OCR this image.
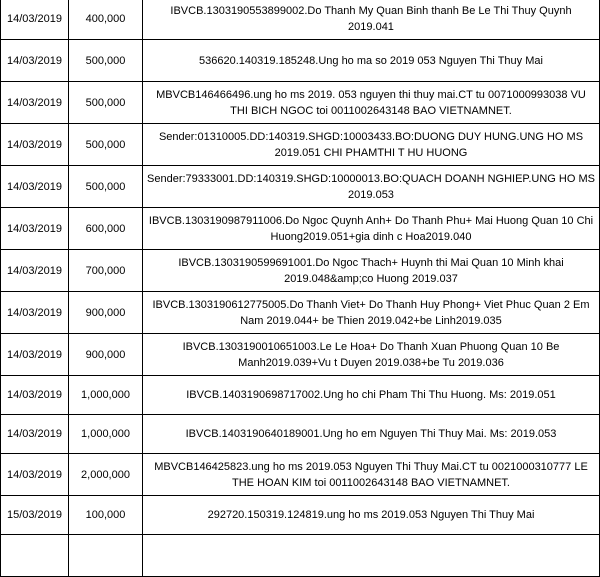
14/03/2019	400,000	IBVCB.1303190553899002.Do Thanh My Quan Binh thanh Be Le Thi Thuy Quynh 2019.041
14/03/2019	500,000	536620.140319.185248.Ung ho ma so 2019 053 Nguyen Thi Thuy Mai
14/03/2019	500,000	MBVCB146466496.ung ho ms 2019. 053 nguyen thi thuy mai.CT tu 0071000993038 VU THI BICH NGOC toi 0011002643148 BAO VIETNAMNET.
14/03/2019	500,000	Sender:01310005.DD:140319.SHGD:10003433.BO:DUONG DUY HUNG.UNG HO MS 2019.051 CHI PHAMTHI T HU HUONG
14/03/2019	500,000	Sender:79333001.DD:140319.SHGD:10000013.BO:QUACH DOANH NGHIEP.UNG HO MS 2019.053
14/03/2019	600,000	IBVCB.1303190987911006.Do Ngoc Quynh Anh+ Do Thanh Phu+ Mai Huong Quan 10 Chi Huong2019.051+gia dinh c Hoa2019.040
14/03/2019	700,000	IBVCB.1303190599691001.Do Ngoc Thach+ Huynh thi Mai Quan 10 Minh khai 2019.048&amp;co Huong 2019.037
14/03/2019	900,000	IBVCB.1303190612775005.Do Thanh Viet+ Do Thanh Huy Phong+ Viet Phuc Quan 2 Em Nam 2019.044+ be Thien 2019.042+be Linh2019.035
14/03/2019	900,000	IBVCB.1303190010651003.Le Le Hoa+ Do Thanh Xuan Phuong Quan 10 Be Manh2019.039+Vu t Duyen 2019.038+be Tu 2019.036
14/03/2019	1,000,000	IBVCB.1403190698717002.Ung ho chi Pham Thi Thu Huong. Ms: 2019.051
14/03/2019	1,000,000	IBVCB.1403190640189001.Ung ho em Nguyen Thi Thuy Mai. Ms: 2019.053
14/03/2019	2,000,000	MBVCB146425823.ung ho ms 2019.053 Nguyen Thi Thuy Mai.CT tu 0021000310777 LE THE HOAN KIM toi 0011002643148 BAO VIETNAMNET.
15/03/2019	100,000	292720.150319.124819.ung ho ms 2019.053 Nguyen Thi Thuy Mai
